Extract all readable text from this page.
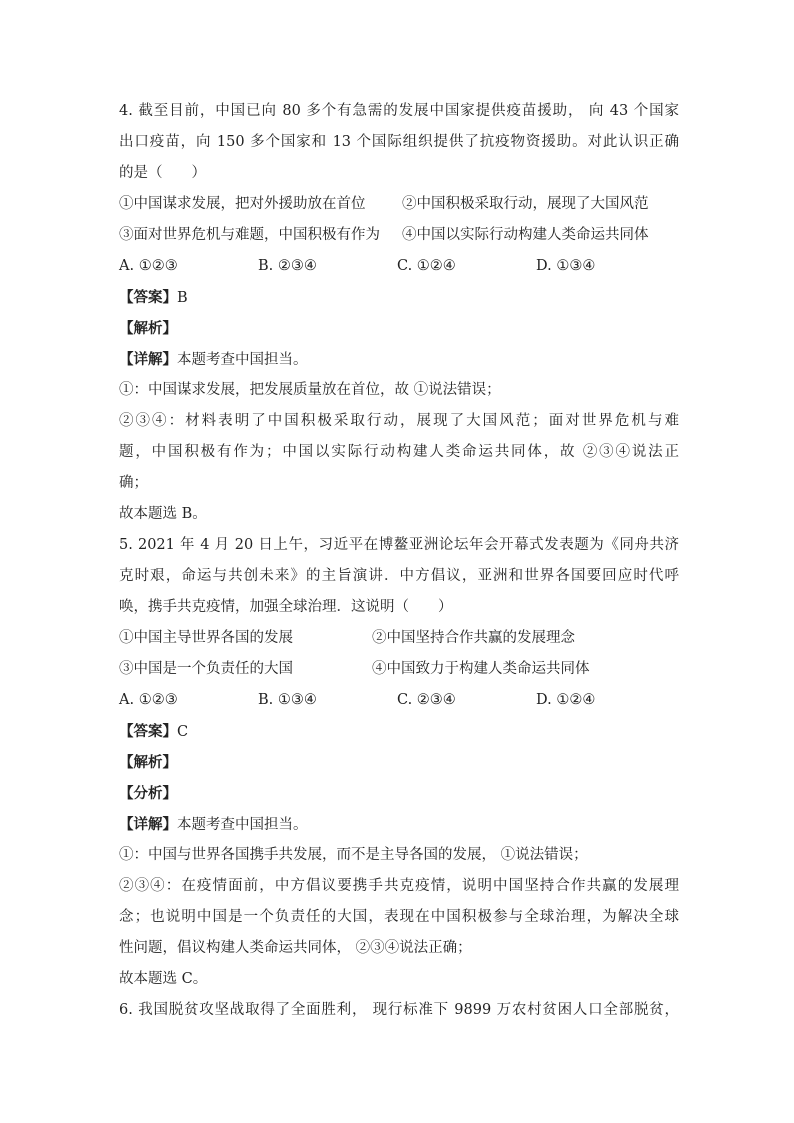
4. 截至目前，中国已向 80 多个有急需的发展中国家提供疫苗援助， 向 43 个国家
出口疫苗，向 150 多个国家和 13 个国际组织提供了抗疫物资援助。对此认识正确
的是（　　）
①中国谋求发展，把对外援助放在首位	②中国积极采取行动，展现了大国风范
③面对世界危机与难题，中国积极有作为	④中国以实际行动构建人类命运共同体
A. ①②③	B. ②③④	C. ①②④	D. ①③④
【答案】B
【解析】
【详解】本题考查中国担当。
①：中国谋求发展，把发展质量放在首位，故 ①说法错误；
②③④：材料表明了中国积极采取行动，展现了大国风范；面对世界危机与难
题，中国积极有作为；中国以实际行动构建人类命运共同体，故 ②③④说法正
确；
故本题选 B。
5. 2021 年 4 月 20 日上午，习近平在博鳌亚洲论坛年会开幕式发表题为《同舟共济
克时艰，命运与共创未来》的主旨演讲．中方倡议，亚洲和世界各国要回应时代呼
唤，携手共克疫情，加强全球治理．这说明（　　）
①中国主导世界各国的发展	②中国坚持合作共赢的发展理念
③中国是一个负责任的大国	④中国致力于构建人类命运共同体
A. ①②③	B. ①③④	C. ②③④	D. ①②④
【答案】C
【解析】
【分析】
【详解】本题考查中国担当。
①：中国与世界各国携手共发展，而不是主导各国的发展， ①说法错误；
②③④：在疫情面前，中方倡议要携手共克疫情，说明中国坚持合作共赢的发展理
念；也说明中国是一个负责任的大国，表现在中国积极参与全球治理，为解决全球
性问题，倡议构建人类命运共同体， ②③④说法正确；
故本题选 C。
6. 我国脱贫攻坚战取得了全面胜利， 现行标准下 9899 万农村贫困人口全部脱贫，
